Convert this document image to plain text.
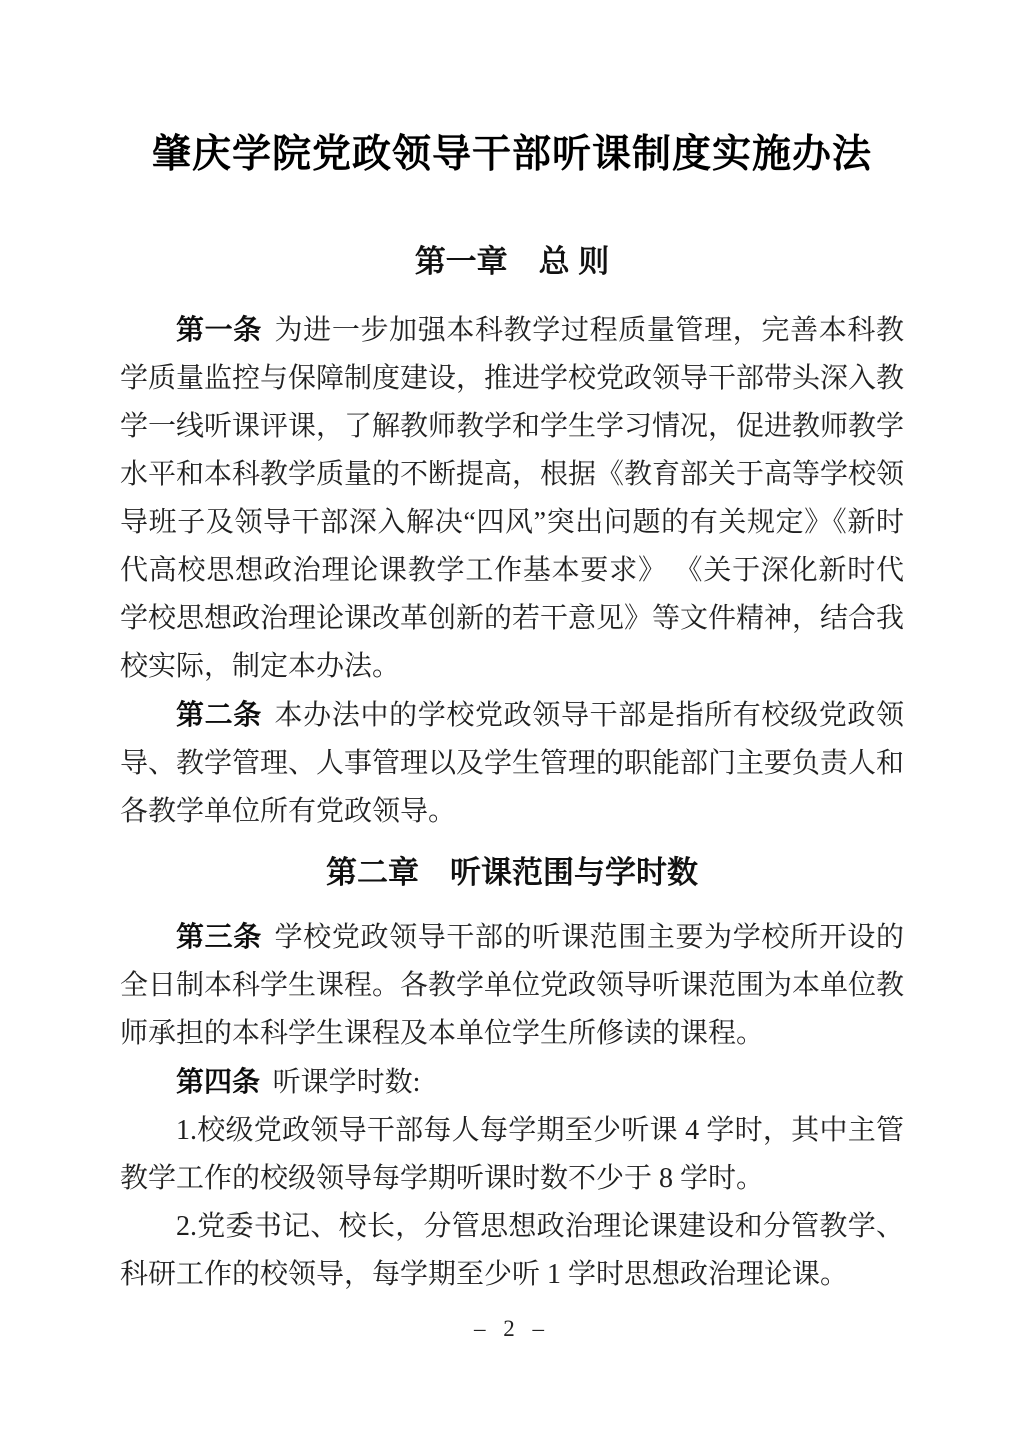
肇庆学院党政领导干部听课制度实施办法
第一章　总 则

第一条 为进一步加强本科教学过程质量管理，完善本科教学质量监控与保障制度建设，推进学校党政领导干部带头深入教学一线听课评课，了解教师教学和学生学习情况，促进教师教学水平和本科教学质量的不断提高，根据《教育部关于高等学校领导班子及领导干部深入解决“四风”突出问题的有关规定》《新时代高校思想政治理论课教学工作基本要求》 《关于深化新时代学校思想政治理论课改革创新的若干意见》等文件精神，结合我校实际，制定本办法。

第二条 本办法中的学校党政领导干部是指所有校级党政领导、教学管理、人事管理以及学生管理的职能部门主要负责人和各教学单位所有党政领导。

第二章　听课范围与学时数

第三条 学校党政领导干部的听课范围主要为学校所开设的全日制本科学生课程。各教学单位党政领导听课范围为本单位教师承担的本科学生课程及本单位学生所修读的课程。

第四条 听课学时数:

1.校级党政领导干部每人每学期至少听课 4 学时，其中主管教学工作的校级领导每学期听课时数不少于 8 学时。

2.党委书记、校长，分管思想政治理论课建设和分管教学、科研工作的校领导，每学期至少听 1 学时思想政治理论课。

– 2 –
